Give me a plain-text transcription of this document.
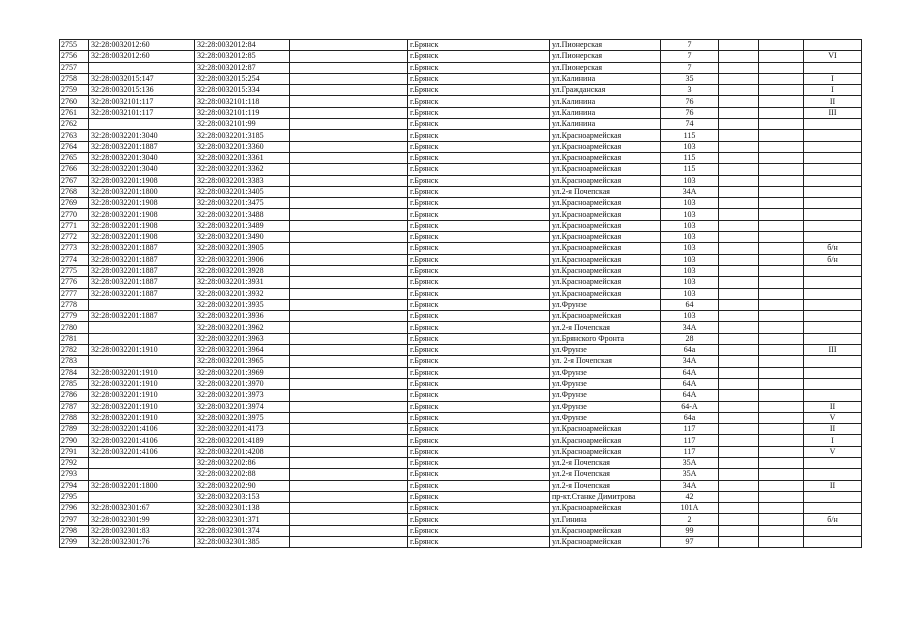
2755	32:28:0032012:60	32:28:0032012:84		г.Брянск	ул.Пионерская	7			
2756	32:28:0032012:60	32:28:0032012:85		г.Брянск	ул.Пионерская	7			VI
2757		32:28:0032012:87		г.Брянск	ул.Пионерская	7			
2758	32:28:0032015:147	32:28:0032015:254		г.Брянск	ул.Калинина	35			I
2759	32:28:0032015:136	32:28:0032015:334		г.Брянск	ул.Гражданская	3			I
2760	32:28:0032101:117	32:28:0032101:118		г.Брянск	ул.Калинина	76			II
2761	32:28:0032101:117	32:28:0032101:119		г.Брянск	ул.Калинина	76			III
2762		32:28:0032101:99		г.Брянск	ул.Калинина	74			
2763	32:28:0032201:3040	32:28:0032201:3185		г.Брянск	ул.Красноармейская	115			
2764	32:28:0032201:1887	32:28:0032201:3360		г.Брянск	ул.Красноармейская	103			
2765	32:28:0032201:3040	32:28:0032201:3361		г.Брянск	ул.Красноармейская	115			
2766	32:28:0032201:3040	32:28:0032201:3362		г.Брянск	ул.Красноармейская	115			
2767	32:28:0032201:1908	32:28:0032201:3383		г.Брянск	ул.Красноармейская	103			
2768	32:28:0032201:1800	32:28:0032201:3405		г.Брянск	ул.2-я Почепская	34А			
2769	32:28:0032201:1908	32:28:0032201:3475		г.Брянск	ул.Красноармейская	103			
2770	32:28:0032201:1908	32:28:0032201:3488		г.Брянск	ул.Красноармейская	103			
2771	32:28:0032201:1908	32:28:0032201:3489		г.Брянск	ул.Красноармейская	103			
2772	32:28:0032201:1908	32:28:0032201:3490		г.Брянск	ул.Красноармейская	103			
2773	32:28:0032201:1887	32:28:0032201:3905		г.Брянск	ул.Красноармейская	103			б/н
2774	32:28:0032201:1887	32:28:0032201:3906		г.Брянск	ул.Красноармейская	103			б/н
2775	32:28:0032201:1887	32:28:0032201:3928		г.Брянск	ул.Красноармейская	103			
2776	32:28:0032201:1887	32:28:0032201:3931		г.Брянск	ул.Красноармейская	103			
2777	32:28:0032201:1887	32:28:0032201:3932		г.Брянск	ул.Красноармейская	103			
2778		32:28:0032201:3935		г.Брянск	ул.Фрунзе	64			
2779	32:28:0032201:1887	32:28:0032201:3936		г.Брянск	ул.Красноармейская	103			
2780		32:28:0032201:3962		г.Брянск	ул.2-я Почепская	34А			
2781		32:28:0032201:3963		г.Брянск	ул.Брянского Фронта	28			
2782	32:28:0032201:1910	32:28:0032201:3964		г.Брянск	ул.Фрунзе	64а			III
2783		32:28:0032201:3965		г.Брянск	ул. 2-я Почепская	34А			
2784	32:28:0032201:1910	32:28:0032201:3969		г.Брянск	ул.Фрунзе	64А			
2785	32:28:0032201:1910	32:28:0032201:3970		г.Брянск	ул.Фрунзе	64А			
2786	32:28:0032201:1910	32:28:0032201:3973		г.Брянск	ул.Фрунзе	64А			
2787	32:28:0032201:1910	32:28:0032201:3974		г.Брянск	ул.Фрунзе	64-А			II
2788	32:28:0032201:1910	32:28:0032201:3975		г.Брянск	ул.Фрунзе	64а			V
2789	32:28:0032201:4106	32:28:0032201:4173		г.Брянск	ул.Красноармейская	117			II
2790	32:28:0032201:4106	32:28:0032201:4189		г.Брянск	ул.Красноармейская	117			I
2791	32:28:0032201:4106	32:28:0032201:4208		г.Брянск	ул.Красноармейская	117			V
2792		32:28:0032202:86		г.Брянск	ул.2-я Почепская	35А			
2793		32:28:0032202:88		г.Брянск	ул.2-я Почепская	35А			
2794	32:28:0032201:1800	32:28:0032202:90		г.Брянск	ул.2-я Почепская	34А			II
2795		32:28:0032203:153		г.Брянск	пр-кт.Станке Димитрова	42			
2796	32:28:0032301:67	32:28:0032301:138		г.Брянск	ул.Красноармейская	101А			
2797	32:28:0032301:99	32:28:0032301:371		г.Брянск	ул.Гинина	2			б/н
2798	32:28:0032301:83	32:28:0032301:374		г.Брянск	ул.Красноармейская	99			
2799	32:28:0032301:76	32:28:0032301:385		г.Брянск	ул.Красноармейская	97			
